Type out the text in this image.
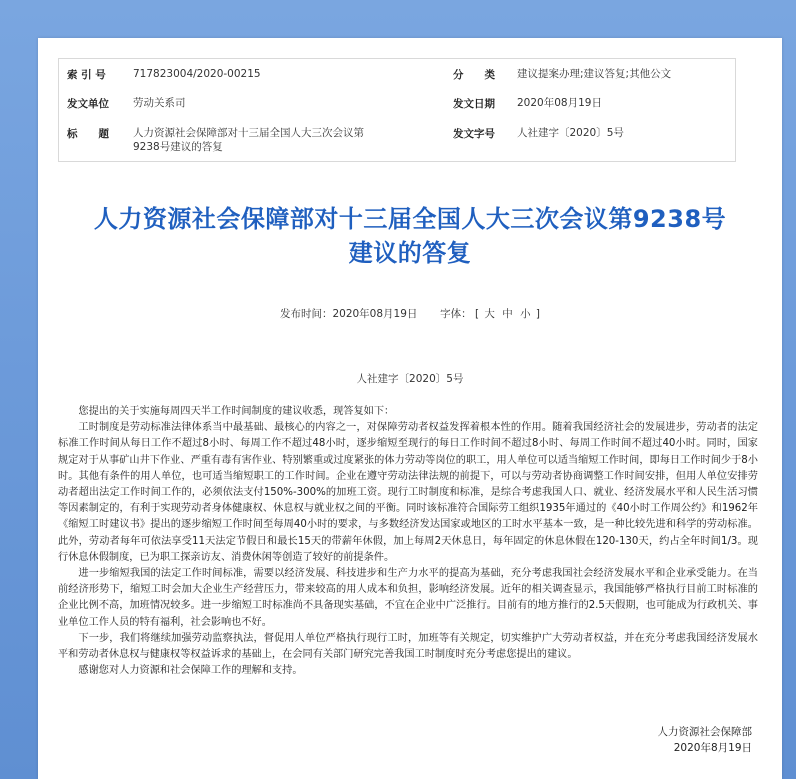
索 引 号	717823004/2020-00215	分　　类 建议提案办理;建议答复;其他公文
发文单位 劳动关系司	发文日期 2020年08月19日
标　　题 人力资源社会保障部对十三届全国人大三次会议第9238号建议的答复
发文字号 人社建字〔2020〕5号
人力资源社会保障部对十三届全国人大三次会议第9238号
建议的答复
发布时间：2020年08月19日 字体： [ 大 中 小 ]
人社建字〔2020〕5号

您提出的关于实施每周四天半工作时间制度的建议收悉，现答复如下：

工时制度是劳动标准法律体系当中最基础、最核心的内容之一，对保障劳动者权益发挥着根本性的作用。随着我国经济社会的发展进步，劳动者的法定标准工作时间从每日工作不超过8小时、每周工作不超过48小时，逐步缩短至现行的每日工作时间不超过8小时、每周工作时间不超过40小时。同时，国家规定对于从事矿山井下作业、严重有毒有害作业、特别繁重或过度紧张的体力劳动等岗位的职工，用人单位可以适当缩短工作时间，即每日工作时间少于8小时。其他有条件的用人单位，也可适当缩短职工的工作时间。企业在遵守劳动法律法规的前提下，可以与劳动者协商调整工作时间安排，但用人单位安排劳动者超出法定工作时间工作的，必须依法支付150%-300%的加班工资。现行工时制度和标准，是综合考虑我国人口、就业、经济发展水平和人民生活习惯等因素制定的，有利于实现劳动者身体健康权、休息权与就业权之间的平衡。同时该标准符合国际劳工组织1935年通过的《40小时工作周公约》和1962年《缩短工时建议书》提出的逐步缩短工作时间至每周40小时的要求，与多数经济发达国家或地区的工时水平基本一致，是一种比较先进和科学的劳动标准。此外，劳动者每年可依法享受11天法定节假日和最长15天的带薪年休假，加上每周2天休息日，每年固定的休息休假在120-130天，约占全年时间1/3。现行休息休假制度，已为职工探亲访友、消费休闲等创造了较好的前提条件。

进一步缩短我国的法定工作时间标准，需要以经济发展、科技进步和生产力水平的提高为基础，充分考虑我国社会经济发展水平和企业承受能力。在当前经济形势下，缩短工时会加大企业生产经营压力，带来较高的用人成本和负担，影响经济发展。近年的相关调查显示，我国能够严格执行目前工时标准的企业比例不高，加班情况较多。进一步缩短工时标准尚不具备现实基础，不宜在企业中广泛推行。目前有的地方推行的2.5天假期，也可能成为行政机关、事业单位工作人员的特有福利，社会影响也不好。

下一步，我们将继续加强劳动监察执法，督促用人单位严格执行现行工时，加班等有关规定，切实维护广大劳动者权益，并在充分考虑我国经济发展水平和劳动者休息权与健康权等权益诉求的基础上，在会同有关部门研究完善我国工时制度时充分考虑您提出的建议。

感谢您对人力资源和社会保障工作的理解和支持。

人力资源社会保障部
2020年8月19日
